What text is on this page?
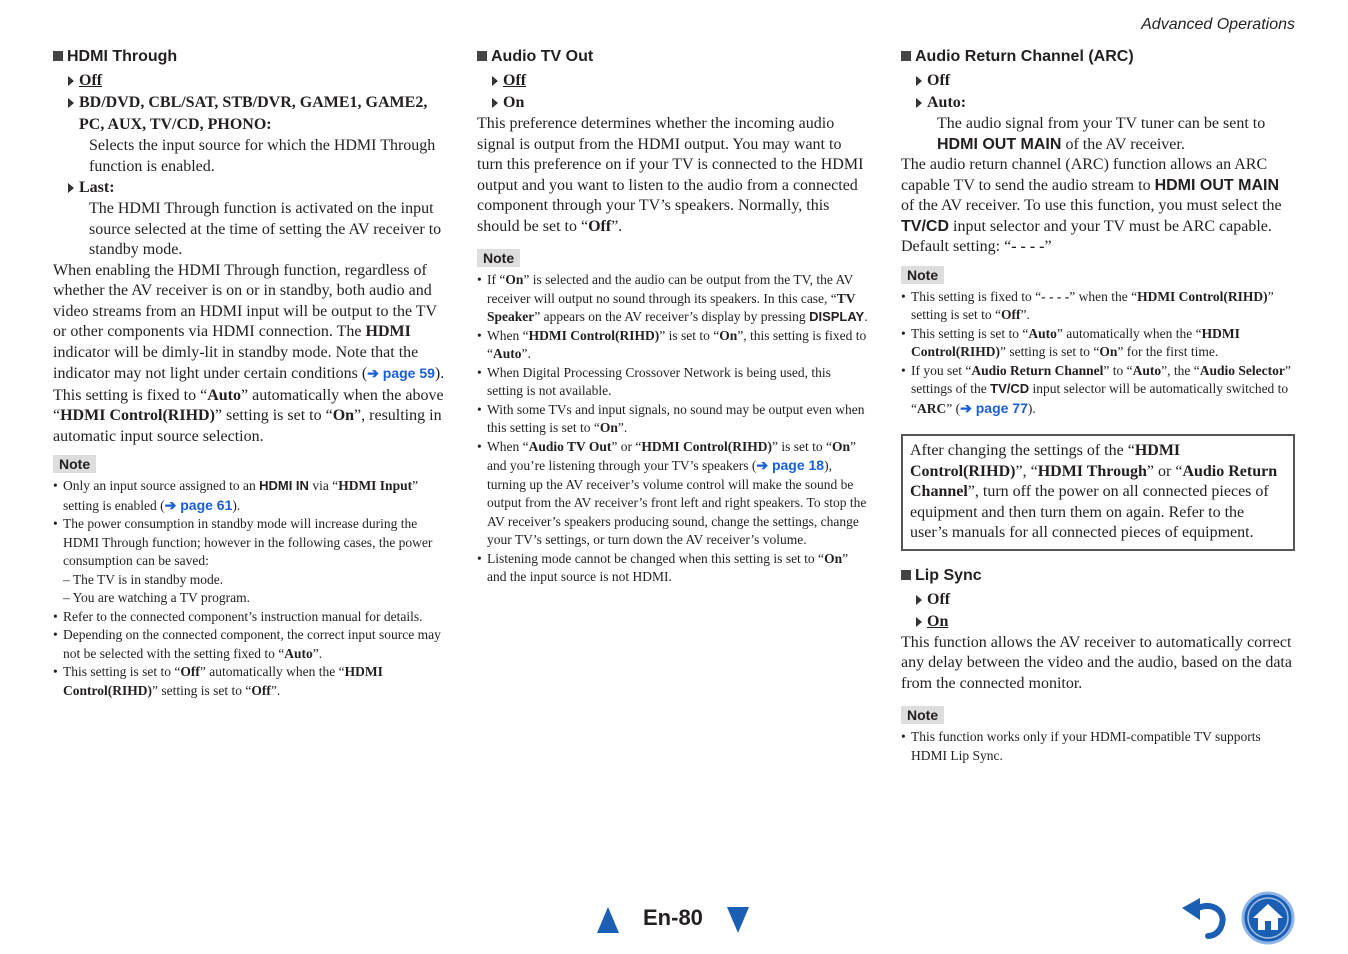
Advanced Operations
HDMI Through
Off
BD/DVD, CBL/SAT, STB/DVR, GAME1, GAME2,
PC, AUX, TV/CD, PHONO:
Selects the input source for which the HDMI Through function is enabled.
Last:
The HDMI Through function is activated on the input source selected at the time of setting the AV receiver to standby mode.

When enabling the HDMI Through function, regardless of whether the AV receiver is on or in standby, both audio and video streams from an HDMI input will be output to the TV or other components via HDMI connection. The HDMI indicator will be dimly-lit in standby mode. Note that the indicator may not light under certain conditions (➔ page 59).

This setting is fixed to “Auto” automatically when the above “HDMI Control(RIHD)” setting is set to “On”, resulting in automatic input source selection.

Note
• Only an input source assigned to an HDMI IN via “HDMI Input” setting is enabled (➔ page 61).
• The power consumption in standby mode will increase during the HDMI Through function; however in the following cases, the power consumption can be saved:
– The TV is in standby mode.
– You are watching a TV program.
• Refer to the connected component’s instruction manual for details.
• Depending on the connected component, the correct input source may not be selected with the setting fixed to “Auto”.
• This setting is set to “Off” automatically when the “HDMI Control(RIHD)” setting is set to “Off”.
Audio TV Out
Off
On

This preference determines whether the incoming audio signal is output from the HDMI output. You may want to turn this preference on if your TV is connected to the HDMI output and you want to listen to the audio from a connected component through your TV’s speakers. Normally, this should be set to “Off”.

Note
• If “On” is selected and the audio can be output from the TV, the AV receiver will output no sound through its speakers. In this case, “TV Speaker” appears on the AV receiver’s display by pressing DISPLAY.
• When “HDMI Control(RIHD)” is set to “On”, this setting is fixed to “Auto”.
• When Digital Processing Crossover Network is being used, this setting is not available.
• With some TVs and input signals, no sound may be output even when this setting is set to “On”.
• When “Audio TV Out” or “HDMI Control(RIHD)” is set to “On” and you’re listening through your TV’s speakers (➔ page 18), turning up the AV receiver’s volume control will make the sound be output from the AV receiver’s front left and right speakers. To stop the AV receiver’s speakers producing sound, change the settings, change your TV’s settings, or turn down the AV receiver’s volume.
• Listening mode cannot be changed when this setting is set to “On” and the input source is not HDMI.
Audio Return Channel (ARC)
Off
Auto:
The audio signal from your TV tuner can be sent to HDMI OUT MAIN of the AV receiver.

The audio return channel (ARC) function allows an ARC capable TV to send the audio stream to HDMI OUT MAIN of the AV receiver. To use this function, you must select the TV/CD input selector and your TV must be ARC capable. Default setting: “- - - -”

Note
• This setting is fixed to “- - - -” when the “HDMI Control(RIHD)” setting is set to “Off”.
• This setting is set to “Auto” automatically when the “HDMI Control(RIHD)” setting is set to “On” for the first time.
• If you set “Audio Return Channel” to “Auto”, the “Audio Selector” settings of the TV/CD input selector will be automatically switched to “ARC” (➔ page 77).
After changing the settings of the “HDMI Control(RIHD)”, “HDMI Through” or “Audio Return Channel”, turn off the power on all connected pieces of equipment and then turn them on again. Refer to the user’s manuals for all connected pieces of equipment.
Lip Sync
Off
On

This function allows the AV receiver to automatically correct any delay between the video and the audio, based on the data from the connected monitor.

Note
• This function works only if your HDMI-compatible TV supports HDMI Lip Sync.
En-80
